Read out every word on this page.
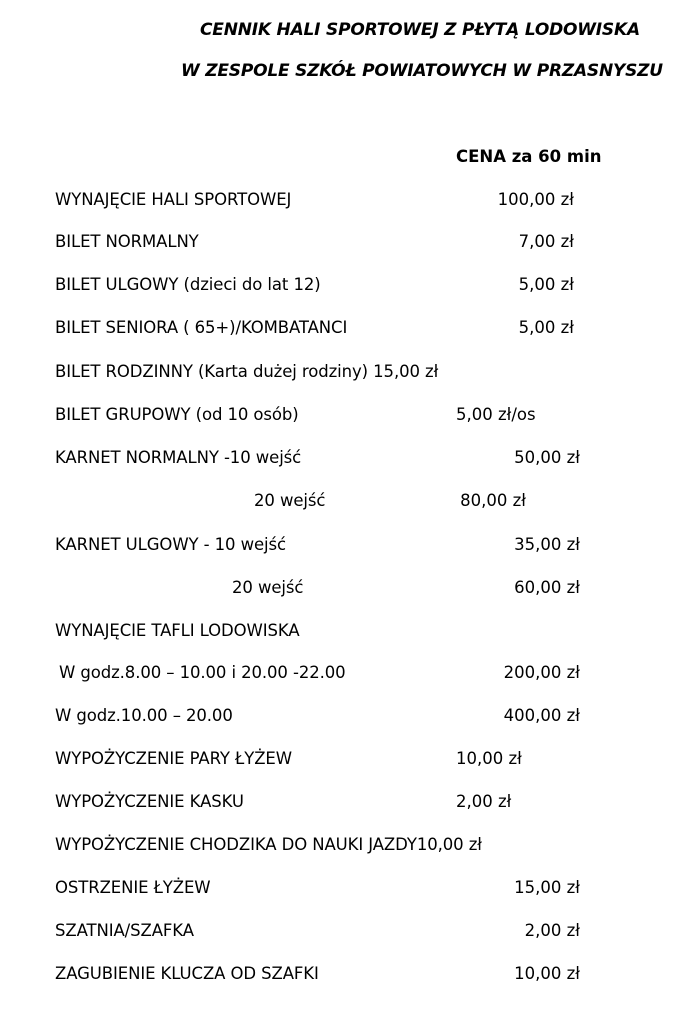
CENNIK HALI SPORTOWEJ Z PŁYTĄ LODOWISKA
W ZESPOLE SZKÓŁ POWIATOWYCH W PRZASNYSZU
CENA za 60 min
WYNAJĘCIE HALI SPORTOWEJ	100,00 zł
BILET NORMALNY	7,00 zł
BILET ULGOWY (dzieci do lat 12)	5,00 zł
BILET SENIORA ( 65+)/KOMBATANCI	5,00 zł
BILET RODZINNY (Karta dużej rodziny) 15,00 zł
BILET GRUPOWY (od 10 osób)	5,00 zł/os
KARNET NORMALNY -10 wejść	50,00 zł
20 wejść	80,00 zł
KARNET ULGOWY - 10 wejść	35,00 zł
20 wejść	60,00 zł
WYNAJĘCIE TAFLI LODOWISKA
W godz.8.00 – 10.00 i 20.00 -22.00	200,00 zł
W godz.10.00 – 20.00	400,00 zł
WYPOŻYCZENIE PARY ŁYŻEW	10,00 zł
WYPOŻYCZENIE KASKU	2,00 zł
WYPOŻYCZENIE CHODZIKA DO NAUKI JAZDY10,00 zł
OSTRZENIE ŁYŻEW	15,00 zł
SZATNIA/SZAFKA	2,00 zł
ZAGUBIENIE KLUCZA OD SZAFKI	10,00 zł
